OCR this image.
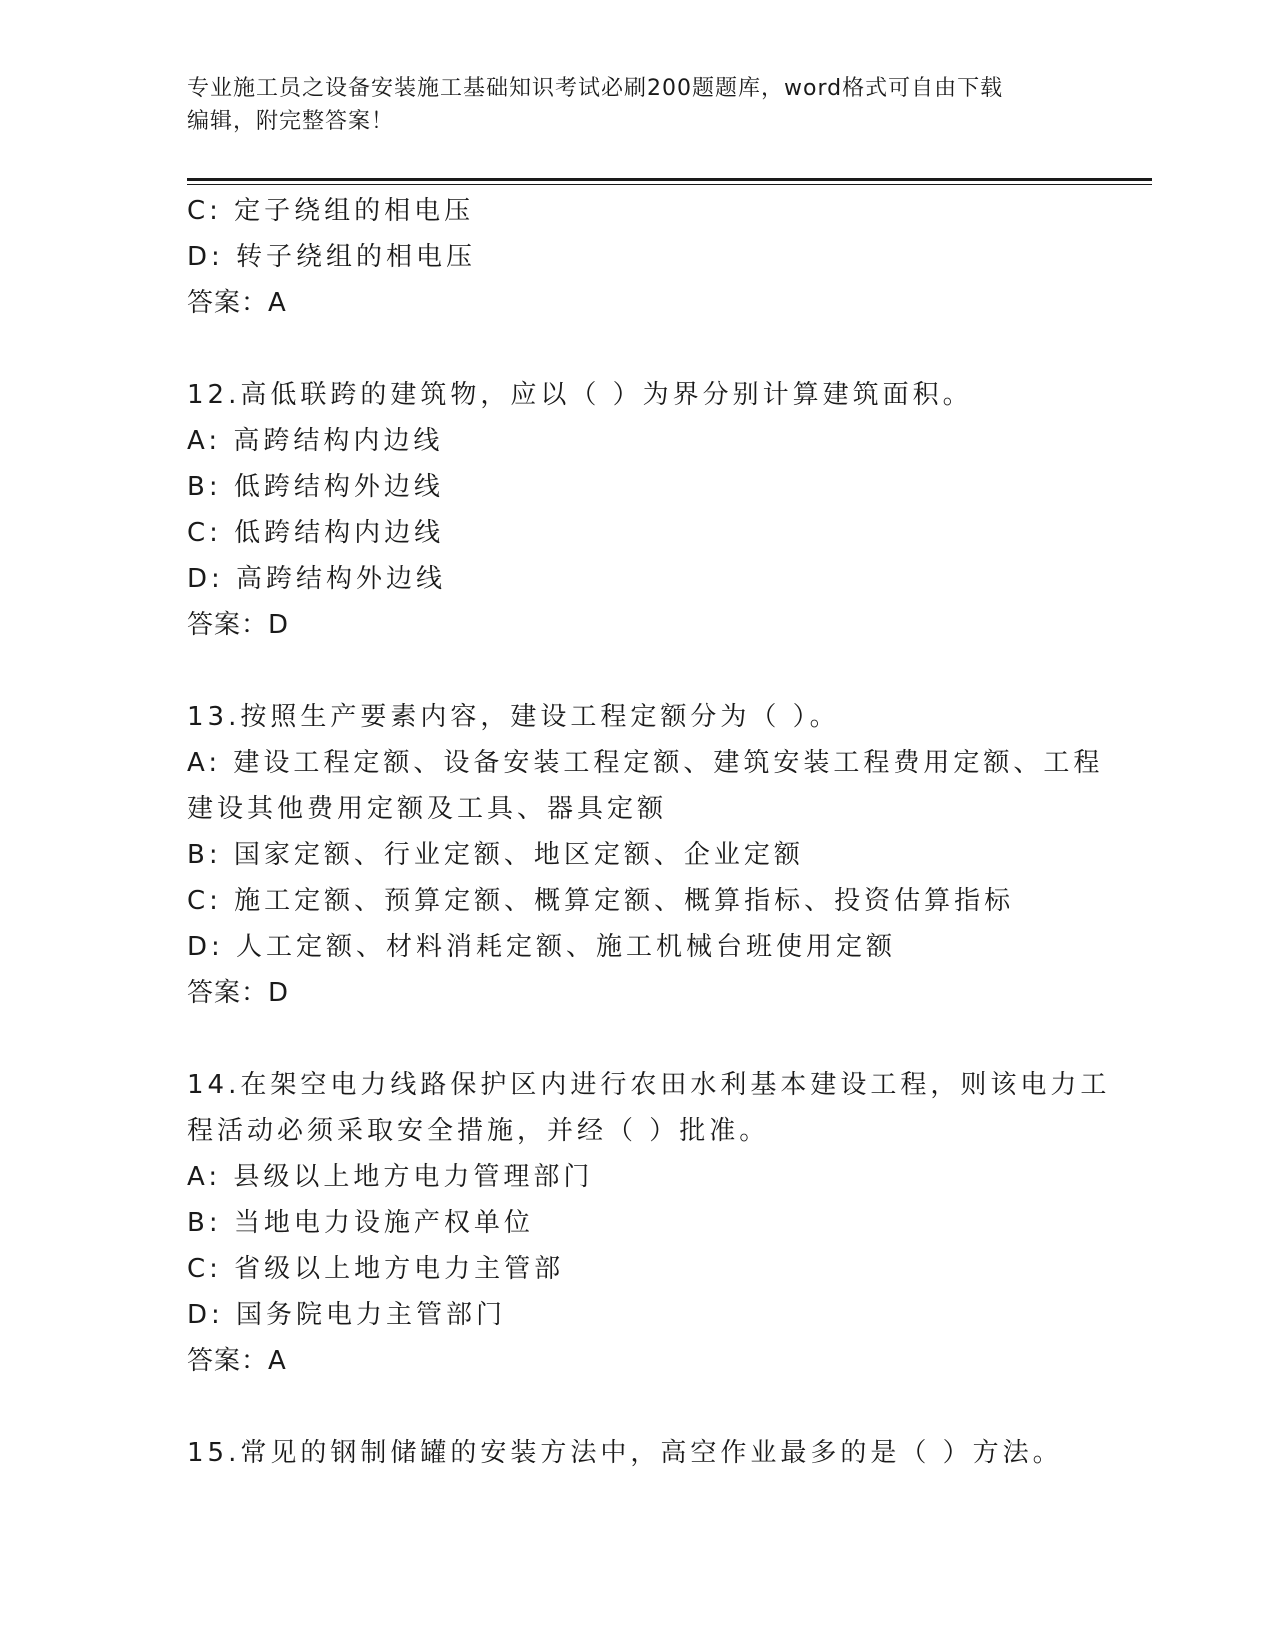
专业施工员之设备安装施工基础知识考试必刷200题题库，word格式可自由下载
编辑，附完整答案！
C: 定子绕组的相电压
D: 转子绕组的相电压
答案：A
12.高低联跨的建筑物，应以（ ）为界分别计算建筑面积。
A: 高跨结构内边线
B: 低跨结构外边线
C: 低跨结构内边线
D: 高跨结构外边线
答案：D
13.按照生产要素内容，建设工程定额分为（ ）。
A: 建设工程定额、设备安装工程定额、建筑安装工程费用定额、工程
建设其他费用定额及工具、器具定额
B: 国家定额、行业定额、地区定额、企业定额
C: 施工定额、预算定额、概算定额、概算指标、投资估算指标
D: 人工定额、材料消耗定额、施工机械台班使用定额
答案：D
14.在架空电力线路保护区内进行农田水利基本建设工程，则该电力工
程活动必须采取安全措施，并经（ ）批准。
A: 县级以上地方电力管理部门
B: 当地电力设施产权单位
C: 省级以上地方电力主管部
D: 国务院电力主管部门
答案：A
15.常见的钢制储罐的安装方法中，高空作业最多的是（ ）方法。
